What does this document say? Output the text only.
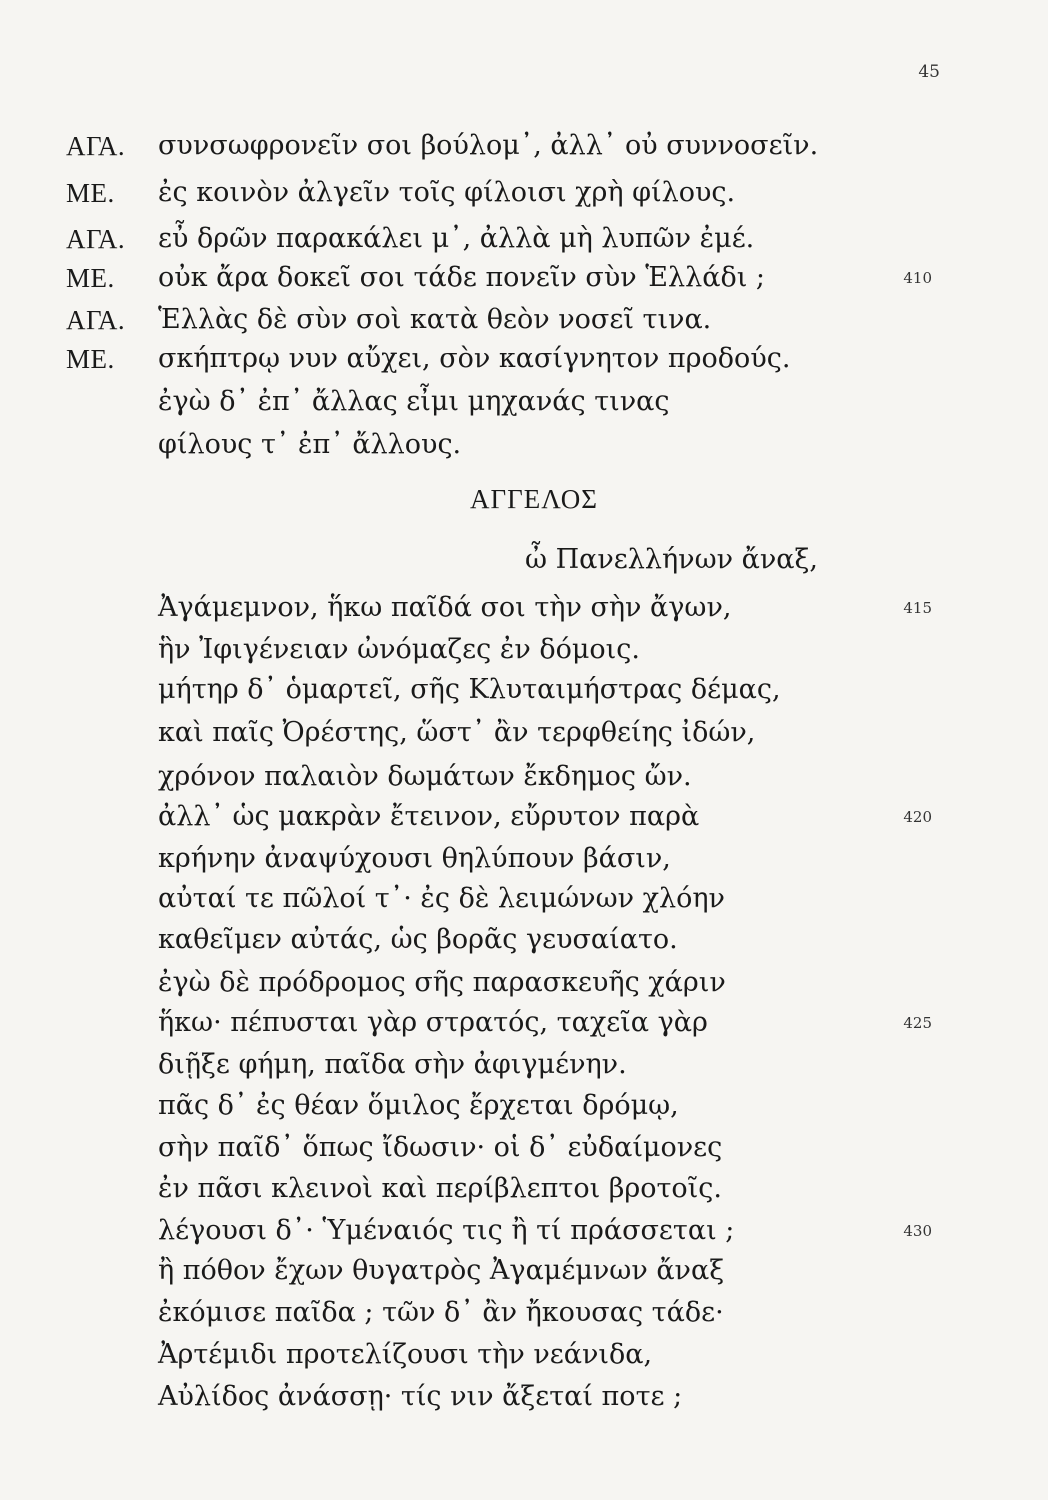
45
ΑΓΑ.	συνσωφρονεῖν σοι βούλομ᾽, ἀλλ᾽ οὐ συννοσεῖν.
ΜΕ.	ἐς κοινὸν ἀλγεῖν τοῖς φίλοισι χρὴ φίλους.
ΑΓΑ.	εὖ δρῶν παρακάλει μ᾽, ἀλλὰ μὴ λυπῶν ἐμέ.
ΜΕ.	οὐκ ἄρα δοκεῖ σοι τάδε πονεῖν σὺν Ἑλλάδι ;	410
ΑΓΑ.	Ἑλλὰς δὲ σὺν σοὶ κατὰ θεὸν νοσεῖ τινα.
ΜΕ.	σκήπτρῳ νυν αὔχει, σὸν κασίγνητον προδούς.
ἐγὼ δ᾽ ἐπ᾽ ἄλλας εἶμι μηχανάς τινας
φίλους τ᾽ ἐπ᾽ ἄλλους.
ΑΓΓΕΛΟΣ
ὦ Πανελλήνων ἄναξ,
Ἀγάμεμνον, ἥκω παῖδά σοι τὴν σὴν ἄγων,	415
ἣν Ἰφιγένειαν ὠνόμαζες ἐν δόμοις.
μήτηρ δ᾽ ὁμαρτεῖ, σῆς Κλυταιμήστρας δέμας,
καὶ παῖς Ὀρέστης, ὥστ᾽ ἂν τερφθείης ἰδών,
χρόνον παλαιὸν δωμάτων ἔκδημος ὤν.
ἀλλ᾽ ὡς μακρὰν ἔτεινον, εὔρυτον παρὰ	420
κρήνην ἀναψύχουσι θηλύπουν βάσιν,
αὐταί τε πῶλοί τ᾽· ἐς δὲ λειμώνων χλόην
καθεῖμεν αὐτάς, ὡς βορᾶς γευσαίατο.
ἐγὼ δὲ πρόδρομος σῆς παρασκευῆς χάριν
ἥκω· πέπυσται γὰρ στρατός, ταχεῖα γὰρ	425
διῇξε φήμη, παῖδα σὴν ἀφιγμένην.
πᾶς δ᾽ ἐς θέαν ὅμιλος ἔρχεται δρόμῳ,
σὴν παῖδ᾽ ὅπως ἴδωσιν· οἱ δ᾽ εὐδαίμονες
ἐν πᾶσι κλεινοὶ καὶ περίβλεπτοι βροτοῖς.
λέγουσι δ᾽· Ὑμέναιός τις ἢ τί πράσσεται ;	430
ἢ πόθον ἔχων θυγατρὸς Ἀγαμέμνων ἄναξ
ἐκόμισε παῖδα ; τῶν δ᾽ ἂν ἤκουσας τάδε·
Ἀρτέμιδι προτελίζουσι τὴν νεάνιδα,
Αὐλίδος ἀνάσσῃ· τίς νιν ἄξεταί ποτε ;
